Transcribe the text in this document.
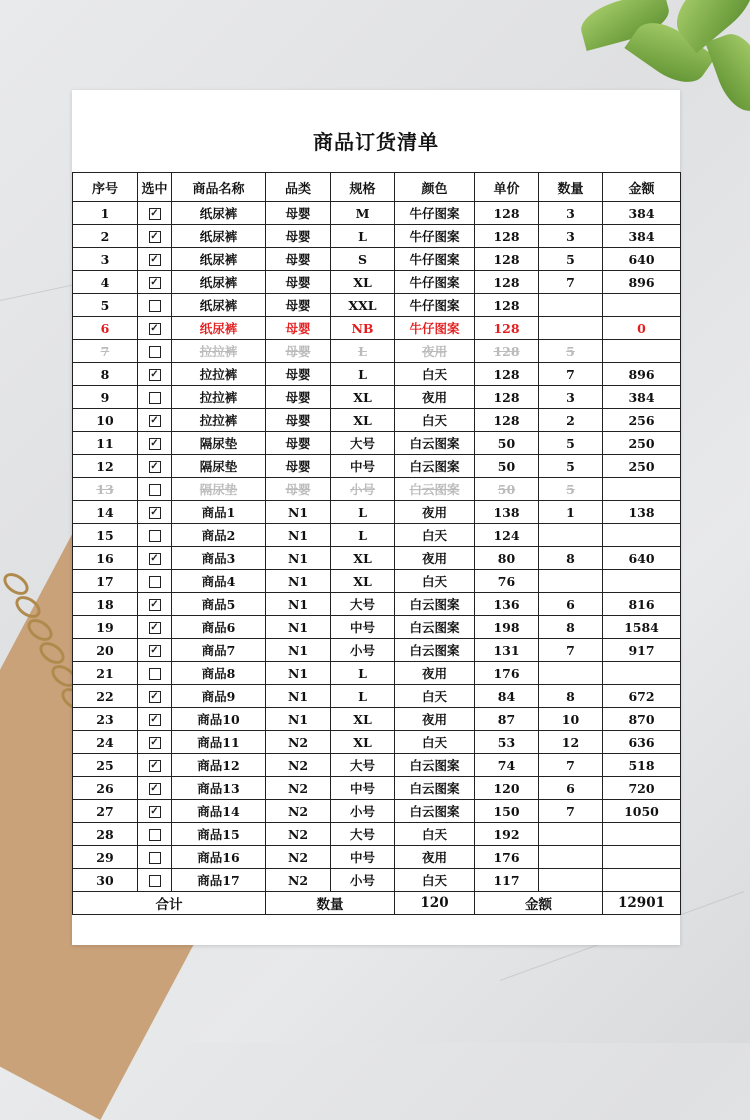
商品订货清单
序号	选中	商品名称	品类	规格	颜色	单价	数量	金额
1	✓	纸尿裤	母婴	M	牛仔图案	128	3	384
2	✓	纸尿裤	母婴	L	牛仔图案	128	3	384
3	✓	纸尿裤	母婴	S	牛仔图案	128	5	640
4	✓	纸尿裤	母婴	XL	牛仔图案	128	7	896
5		纸尿裤	母婴	XXL	牛仔图案	128		
6	✓	纸尿裤	母婴	NB	牛仔图案	128		0
7		拉拉裤	母婴	L	夜用	128	5	
8	✓	拉拉裤	母婴	L	白天	128	7	896
9		拉拉裤	母婴	XL	夜用	128	3	384
10	✓	拉拉裤	母婴	XL	白天	128	2	256
11	✓	隔尿垫	母婴	大号	白云图案	50	5	250
12	✓	隔尿垫	母婴	中号	白云图案	50	5	250
13		隔尿垫	母婴	小号	白云图案	50	5	
14	✓	商品1	N1	L	夜用	138	1	138
15		商品2	N1	L	白天	124		
16	✓	商品3	N1	XL	夜用	80	8	640
17		商品4	N1	XL	白天	76		
18	✓	商品5	N1	大号	白云图案	136	6	816
19	✓	商品6	N1	中号	白云图案	198	8	1584
20	✓	商品7	N1	小号	白云图案	131	7	917
21		商品8	N1	L	夜用	176		
22	✓	商品9	N1	L	白天	84	8	672
23	✓	商品10	N1	XL	夜用	87	10	870
24	✓	商品11	N2	XL	白天	53	12	636
25	✓	商品12	N2	大号	白云图案	74	7	518
26	✓	商品13	N2	中号	白云图案	120	6	720
27	✓	商品14	N2	小号	白云图案	150	7	1050
28		商品15	N2	大号	白天	192		
29		商品16	N2	中号	夜用	176		
30		商品17	N2	小号	白天	117		
合计			数量		120	金额		12901
